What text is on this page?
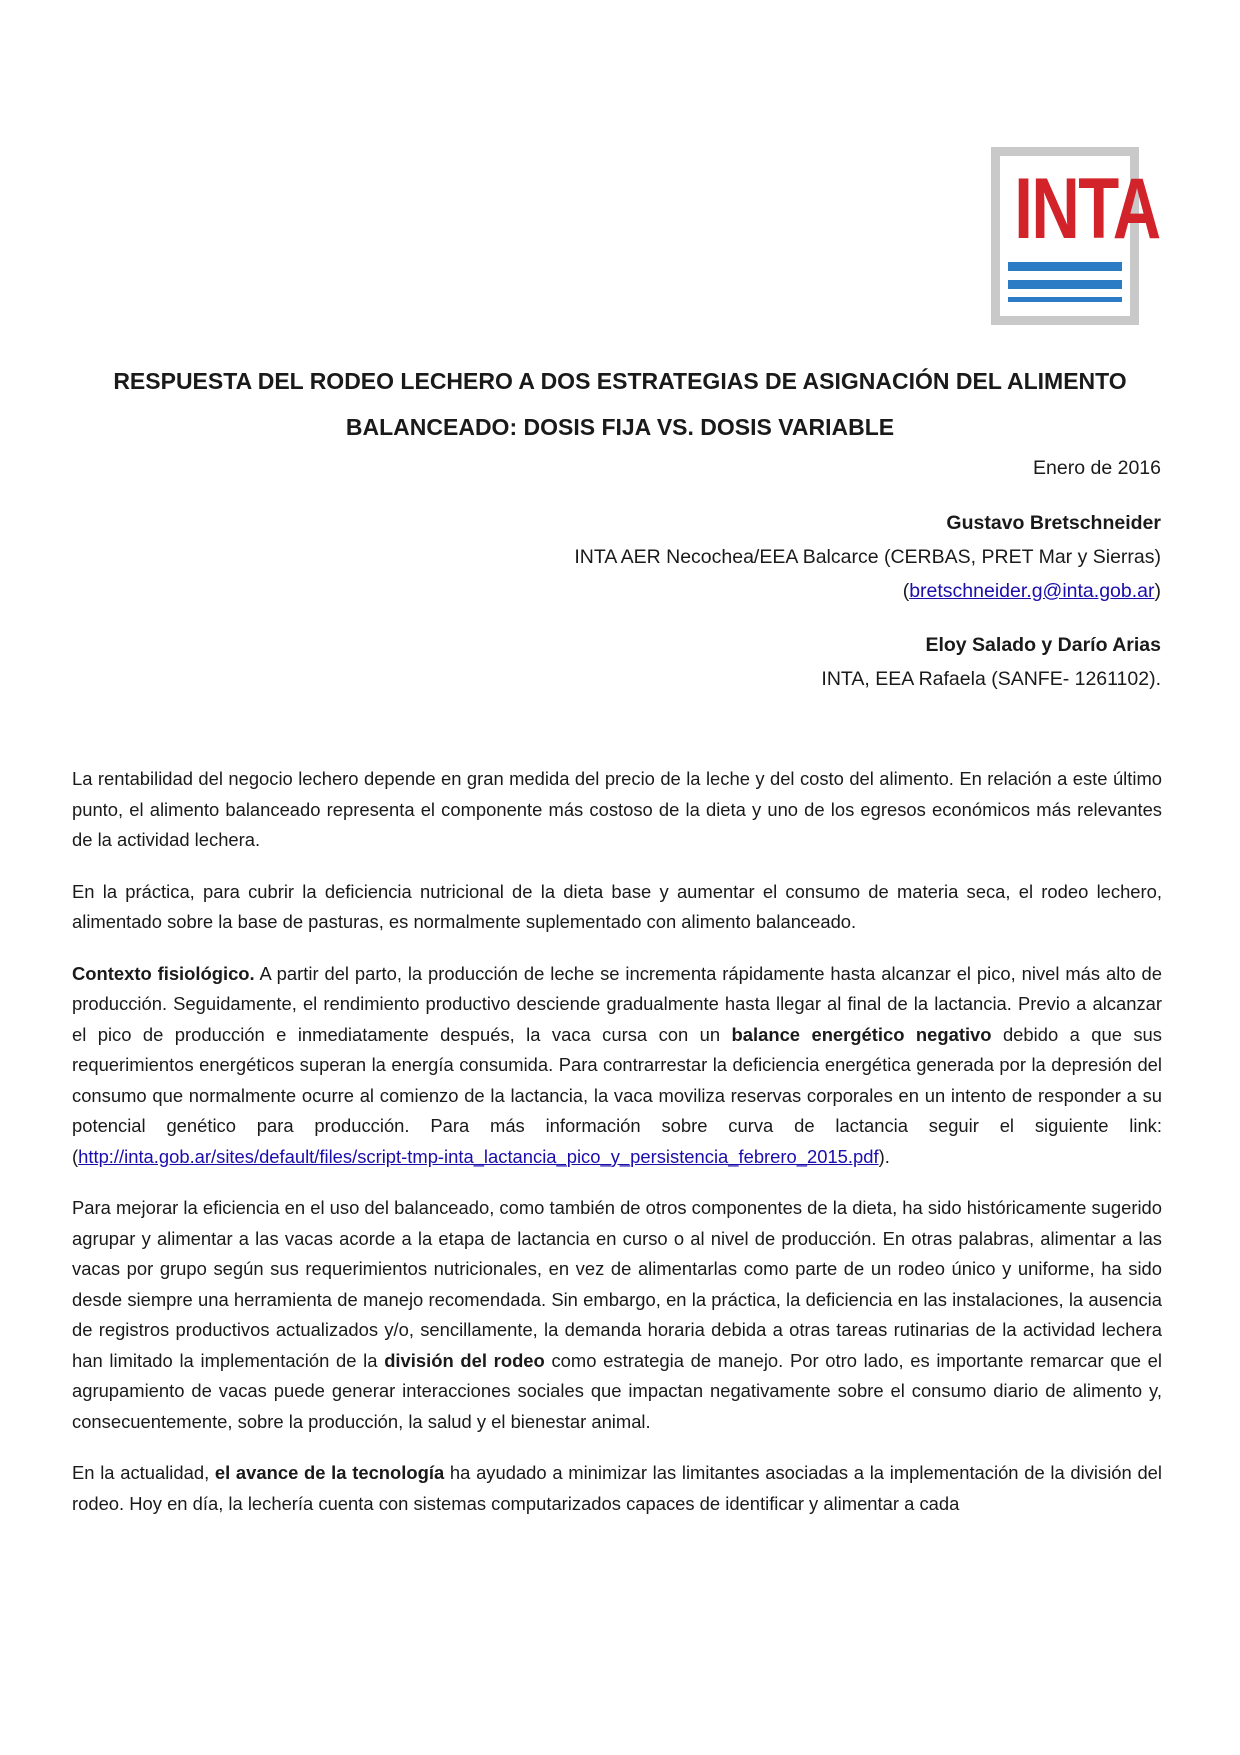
INTA
RESPUESTA DEL RODEO LECHERO A DOS ESTRATEGIAS DE ASIGNACIÓN DEL ALIMENTO BALANCEADO: DOSIS FIJA VS. DOSIS VARIABLE
Enero de 2016
Gustavo Bretschneider
INTA AER Necochea/EEA Balcarce (CERBAS, PRET Mar y Sierras)
(bretschneider.g@inta.gob.ar)
Eloy Salado y Darío Arias
INTA, EEA Rafaela (SANFE- 1261102).

La rentabilidad del negocio lechero depende en gran medida del precio de la leche y del costo del alimento. En relación a este último punto, el alimento balanceado representa el componente más costoso de la dieta y uno de los egresos económicos más relevantes de la actividad lechera.

En la práctica, para cubrir la deficiencia nutricional de la dieta base y aumentar el consumo de materia seca, el rodeo lechero, alimentado sobre la base de pasturas, es normalmente suplementado con alimento balanceado.

Contexto fisiológico. A partir del parto, la producción de leche se incrementa rápidamente hasta alcanzar el pico, nivel más alto de producción. Seguidamente, el rendimiento productivo desciende gradualmente hasta llegar al final de la lactancia. Previo a alcanzar el pico de producción e inmediatamente después, la vaca cursa con un balance energético negativo debido a que sus requerimientos energéticos superan la energía consumida. Para contrarrestar la deficiencia energética generada por la depresión del consumo que normalmente ocurre al comienzo de la lactancia, la vaca moviliza reservas corporales en un intento de responder a su potencial genético para producción. Para más información sobre curva de lactancia seguir el siguiente link: (http://inta.gob.ar/sites/default/files/script-tmp-inta_lactancia_pico_y_persistencia_febrero_2015.pdf).

Para mejorar la eficiencia en el uso del balanceado, como también de otros componentes de la dieta, ha sido históricamente sugerido agrupar y alimentar a las vacas acorde a la etapa de lactancia en curso o al nivel de producción. En otras palabras, alimentar a las vacas por grupo según sus requerimientos nutricionales, en vez de alimentarlas como parte de un rodeo único y uniforme, ha sido desde siempre una herramienta de manejo recomendada. Sin embargo, en la práctica, la deficiencia en las instalaciones, la ausencia de registros productivos actualizados y/o, sencillamente, la demanda horaria debida a otras tareas rutinarias de la actividad lechera han limitado la implementación de la división del rodeo como estrategia de manejo. Por otro lado, es importante remarcar que el agrupamiento de vacas puede generar interacciones sociales que impactan negativamente sobre el consumo diario de alimento y, consecuentemente, sobre la producción, la salud y el bienestar animal.

En la actualidad, el avance de la tecnología ha ayudado a minimizar las limitantes asociadas a la implementación de la división del rodeo. Hoy en día, la lechería cuenta con sistemas computarizados capaces de identificar y alimentar a cada
